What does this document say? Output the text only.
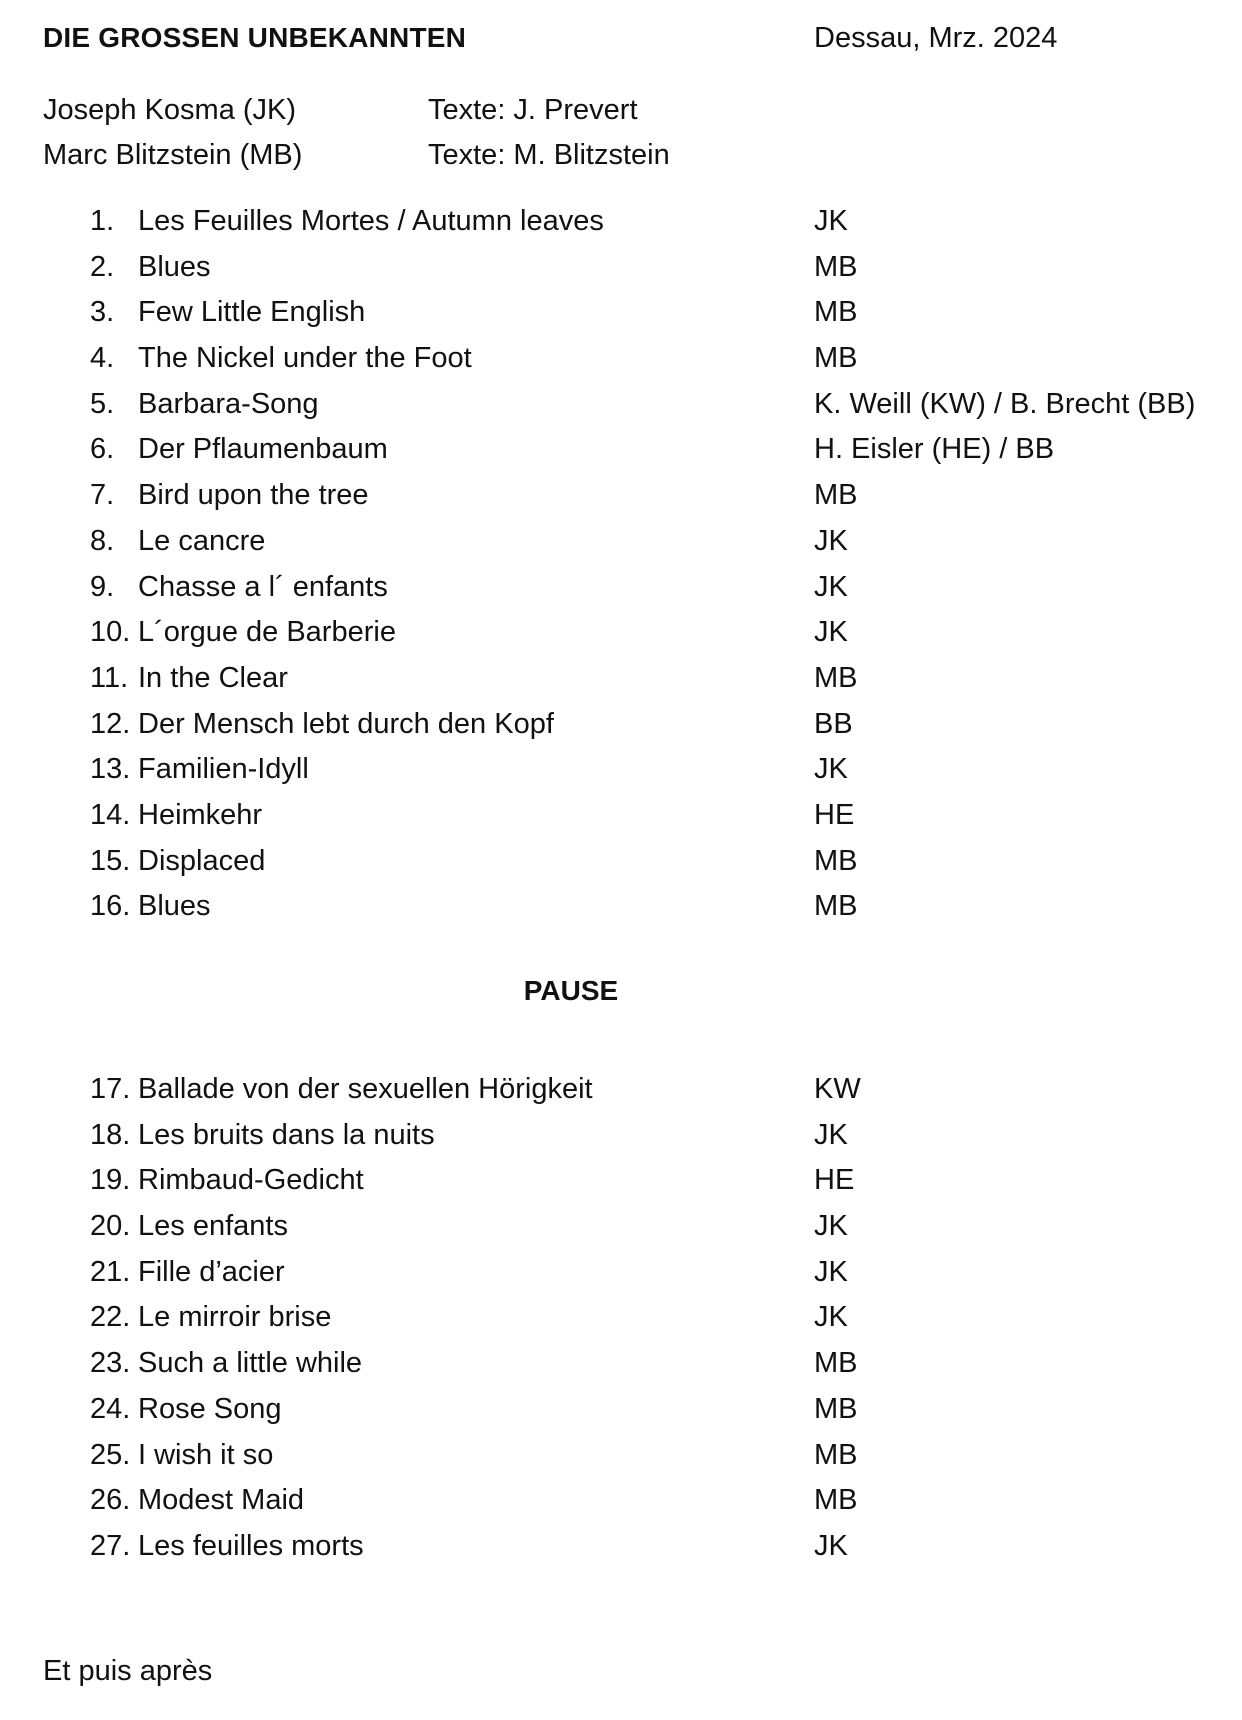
DIE GROSSEN UNBEKANNTEN	Dessau, Mrz. 2024
Joseph Kosma (JK)	Texte: J. Prevert
Marc Blitzstein (MB)	Texte: M. Blitzstein
1. Les Feuilles Mortes / Autumn leaves	JK
2. Blues	MB
3. Few Little English	MB
4. The Nickel under the Foot	MB
5. Barbara-Song	K. Weill (KW) / B. Brecht (BB)
6. Der Pflaumenbaum	H. Eisler (HE) / BB
7. Bird upon the tree	MB
8. Le cancre	JK
9. Chasse a l´ enfants	JK
10. L´orgue de Barberie	JK
11. In the Clear	MB
12. Der Mensch lebt durch den Kopf	BB
13. Familien-Idyll	JK
14. Heimkehr	HE
15. Displaced	MB
16. Blues	MB
PAUSE
17. Ballade von der sexuellen Hörigkeit	KW
18. Les bruits dans la nuits	JK
19. Rimbaud-Gedicht	HE
20. Les enfants	JK
21. Fille d’acier	JK
22. Le mirroir brise	JK
23. Such a little while	MB
24. Rose Song	MB
25. I wish it so	MB
26. Modest Maid	MB
27. Les feuilles morts	JK
Et puis après
